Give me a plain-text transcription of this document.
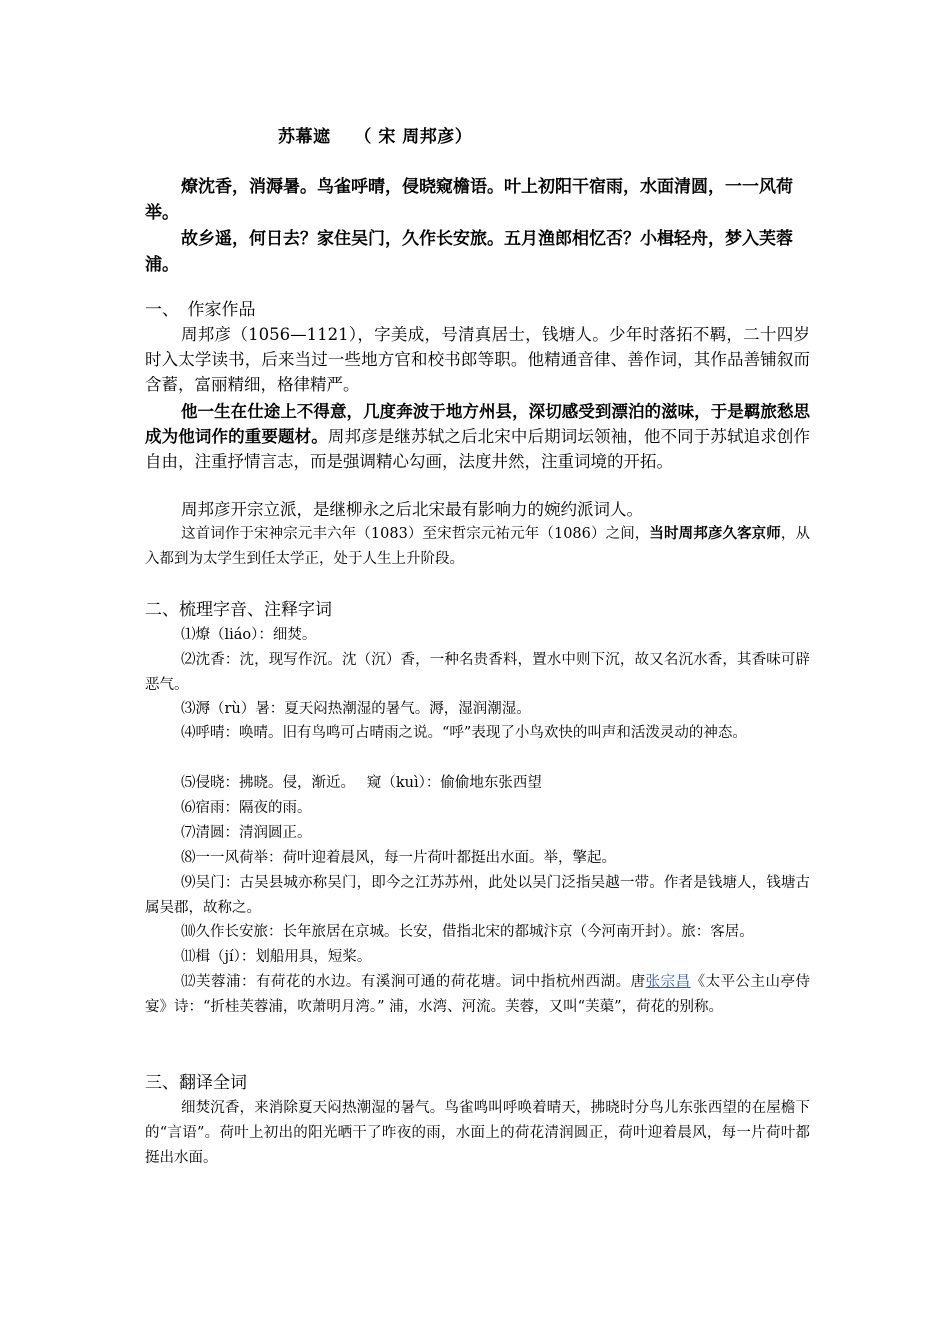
苏幕遮　 （ 宋 周邦彦）

燎沈香，消溽暑。鸟雀呼晴，侵晓窥檐语。叶上初阳干宿雨，水面清圆，一一风荷举。

故乡遥，何日去？家住吴门，久作长安旅。五月渔郎相忆否？小楫轻舟，梦入芙蓉浦。

一、　作家作品

周邦彦（1056—1121），字美成，号清真居士，钱塘人。少年时落拓不羁，二十四岁时入太学读书，后来当过一些地方官和校书郎等职。他精通音律、善作词，其作品善铺叙而含蓄，富丽精细，格律精严。

他一生在仕途上不得意，几度奔波于地方州县，深切感受到漂泊的滋味，于是羁旅愁思成为他词作的重要题材。周邦彦是继苏轼之后北宋中后期词坛领袖，他不同于苏轼追求创作自由，注重抒情言志，而是强调精心勾画，法度井然，注重词境的开拓。

周邦彦开宗立派，是继柳永之后北宋最有影响力的婉约派词人。

这首词作于宋神宗元丰六年（1083）至宋哲宗元祐元年（1086）之间，当时周邦彦久客京师，从入都到为太学生到任太学正，处于人生上升阶段。

二、梳理字音、注释字词

⑴燎（liáo）：细焚。

⑵沈香：沈，现写作沉。沈（沉）香，一种名贵香料，置水中则下沉，故又名沉水香，其香味可辟恶气。

⑶溽（rù）暑：夏天闷热潮湿的暑气。溽，湿润潮湿。

⑷呼晴：唤晴。旧有鸟鸣可占晴雨之说。“呼”表现了小鸟欢快的叫声和活泼灵动的神态。

⑸侵晓：拂晓。侵，渐近。　 窥（kuì）：偷偷地东张西望

⑹宿雨：隔夜的雨。

⑺清圆：清润圆正。

⑻一一风荷举：荷叶迎着晨风，每一片荷叶都挺出水面。举，擎起。

⑼吴门：古吴县城亦称吴门，即今之江苏苏州，此处以吴门泛指吴越一带。作者是钱塘人，钱塘古属吴郡，故称之。

⑽久作长安旅：长年旅居在京城。长安，借指北宋的都城汴京（今河南开封）。旅：客居。

⑾楫（jí）：划船用具，短桨。

⑿芙蓉浦：有荷花的水边。有溪涧可通的荷花塘。词中指杭州西湖。唐张宗昌《太平公主山亭侍宴》诗：“折桂芙蓉浦，吹萧明月湾。” 浦，水湾、河流。芙蓉，又叫“芙蕖”，荷花的别称。

三、翻译全词

细焚沉香，来消除夏天闷热潮湿的暑气。鸟雀鸣叫呼唤着晴天，拂晓时分鸟儿东张西望的在屋檐下的“言语”。荷叶上初出的阳光晒干了昨夜的雨，水面上的荷花清润圆正，荷叶迎着晨风，每一片荷叶都挺出水面。
